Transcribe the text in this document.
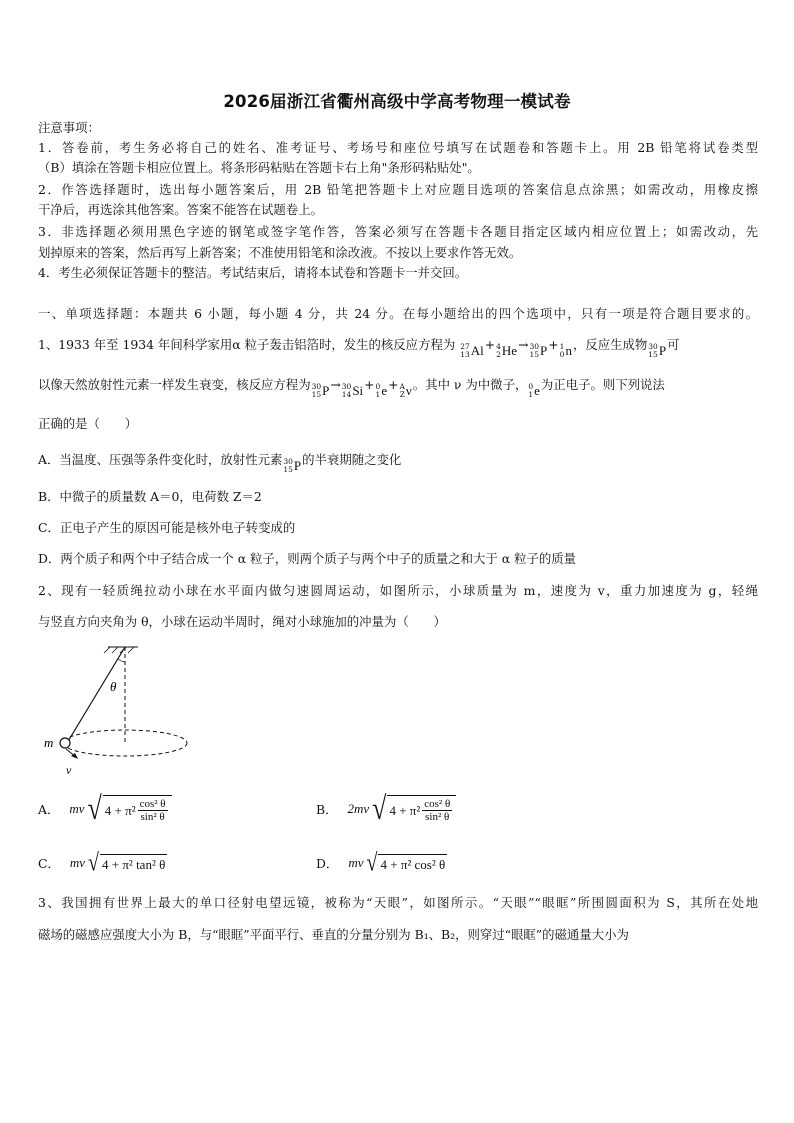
2026届浙江省衢州高级中学高考物理一模试卷
注意事项：
1．答卷前，考生务必将自己的姓名、准考证号、考场号和座位号填写在试题卷和答题卡上。用 2B 铅笔将试卷类型
（B）填涂在答题卡相应位置上。将条形码粘贴在答题卡右上角"条形码粘贴处"。
2．作答选择题时，选出每小题答案后，用 2B 铅笔把答题卡上对应题目选项的答案信息点涂黑；如需改动，用橡皮擦
干净后，再选涂其他答案。答案不能答在试题卷上。
3．非选择题必须用黑色字迹的钢笔或签字笔作答，答案必须写在答题卡各题目指定区域内相应位置上；如需改动，先
划掉原来的答案，然后再写上新答案；不准使用铅笔和涂改液。不按以上要求作答无效。
4．考生必须保证答题卡的整洁。考试结束后，请将本试卷和答题卡一并交回。
一、单项选择题：本题共 6 小题，每小题 4 分，共 24 分。在每小题给出的四个选项中，只有一项是符合题目要求的。
1、1933 年至 1934 年间科学家用α 粒子轰击铝箔时，发生的核反应方程为 27
13 Al + 4
2 He → 30
15 P + 1
0 n ，反应生成物 30
15 P 可
以像天然放射性元素一样发生衰变，核反应方程为 30
15 P → 30
14 Si + 0
1 e + A
Z ν 。其中 ν 为中微子， 0
1 e 为正电子。则下列说法
正确的是（　　）
A．当温度、压强等条件变化时，放射性元素 30
15 P 的半衰期随之变化
B．中微子的质量数 A＝0，电荷数 Z＝2
C．正电子产生的原因可能是核外电子转变成的
D．两个质子和两个中子结合成一个 α 粒子，则两个质子与两个中子的质量之和大于 α 粒子的质量
2、现有一轻质绳拉动小球在水平面内做匀速圆周运动，如图所示，小球质量为 m，速度为 v，重力加速度为 g，轻绳
与竖直方向夹角为 θ，小球在运动半周时，绳对小球施加的冲量为（　　）
θ
m
v
A． mv √ $4 + \pi^2 \frac{\text{cos² θ}}{\text{sin² θ}}$	B． 2mv √ $4 + \pi^2 \frac{\text{cos² θ}}{\text{sin² θ}}$
C． mv √ 4 + π² tan² θ	D． mv √ 4 + π² cos² θ
3、我国拥有世界上最大的单口径射电望远镜，被称为“天眼”，如图所示。“天眼”“眼眶”所围圆面积为 S，其所在处地
磁场的磁感应强度大小为 B，与“眼眶”平面平行、垂直的分量分别为 B₁、B₂，则穿过“眼眶”的磁通量大小为
